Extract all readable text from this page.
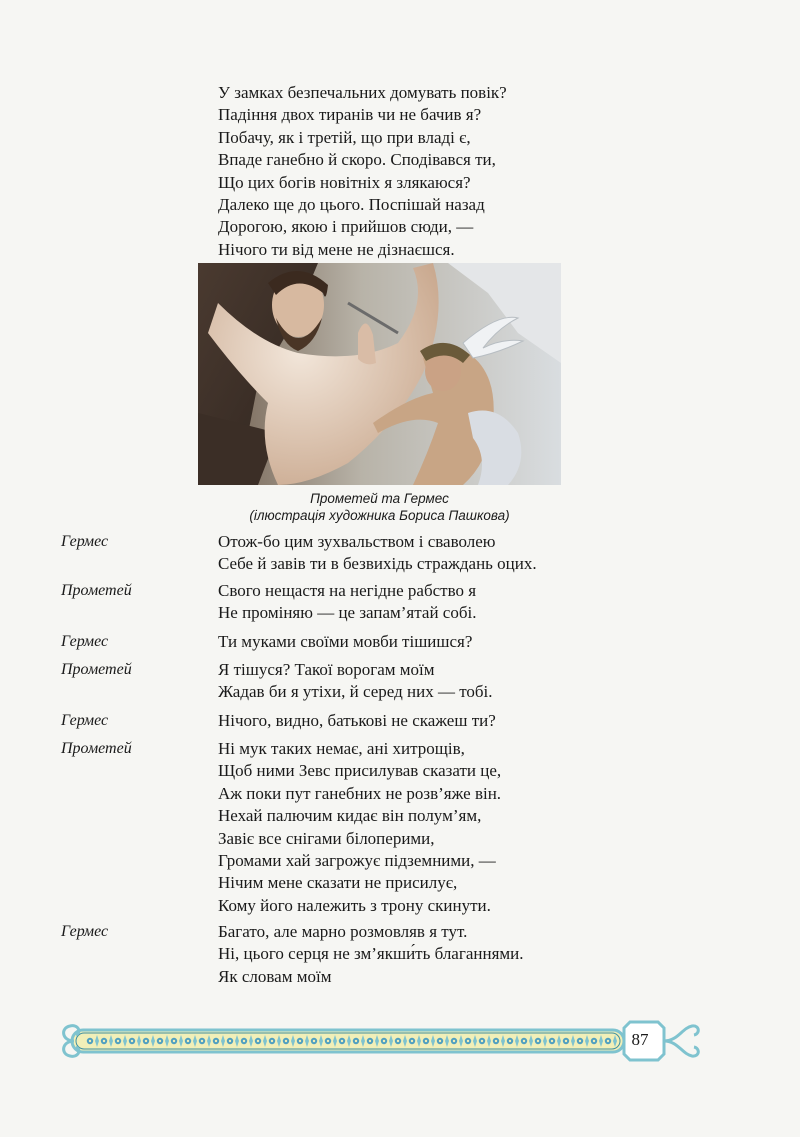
У замках безпечальних домувать повік?
Падіння двох тиранів чи не бачив я?
Побачу, як і третій, що при владі є,
Впаде ганебно й скоро. Сподівався ти,
Що цих богів новітніх я злякаюся?
Далеко ще до цього. Поспішай назад
Дорогою, якою і прийшов сюди, —
Нічого ти від мене не дізнаєшся.
Прометей та Гермес
(ілюстрація художника Бориса Пашкова)
Гермес	Отож-бо цим зухвальством і сваволею
Себе й завів ти в безвихідь страждань оцих.
Прометей	Свого нещастя на негідне рабство я
Не проміняю — це запам’ятай собі.
Гермес	Ти муками своїми мовби тішишся?
Прометей	Я тішуся? Такої ворогам моїм
Жадав би я утіхи, й серед них — тобі.
Гермес	Нічого, видно, батькові не скажеш ти?
Прометей	Ні мук таких немає, ані хитрощів,
Щоб ними Зевс присилував сказати це,
Аж поки пут ганебних не розв’яже він.
Нехай палючим кидає він полум’ям,
Завіє все снігами білоперими,
Громами хай загрожує підземними, —
Нічим мене сказати не присилує,
Кому його належить з трону скинути.
Гермес	Багато, але марно розмовляв я тут.
Ні, цього серця не зм’якши́ть благаннями.
Як словам моїм
87
